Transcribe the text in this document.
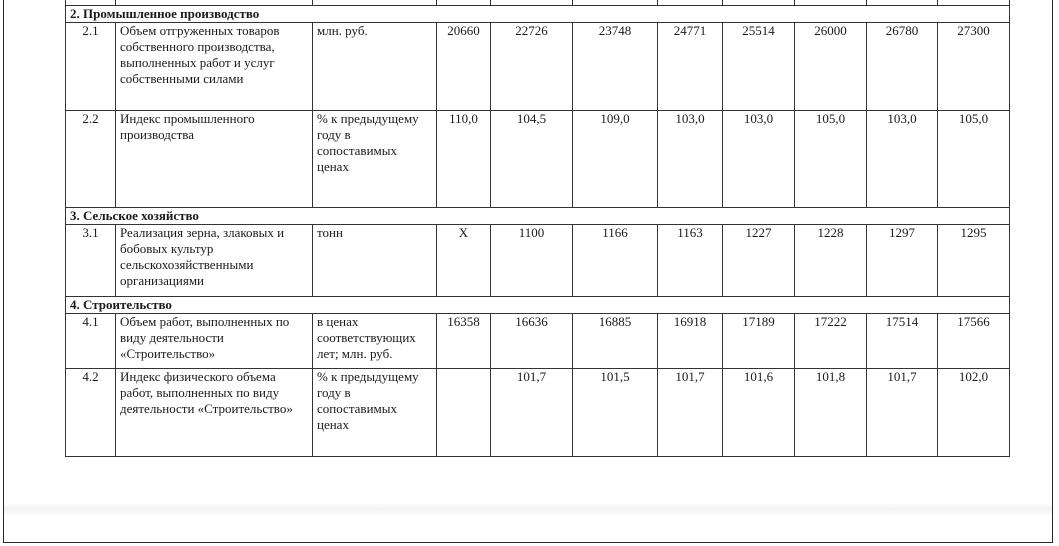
2. Промышленное производство										
2.1	Объем отгруженных товаров собственного производства, выполненных работ и услуг собственными силами	млн. руб.	20660	22726	23748	24771	25514	26000	26780	27300
2.2	Индекс промышленного производства	% к предыдущему году в сопоставимых ценах	110,0	104,5	109,0	103,0	103,0	105,0	103,0	105,0
3. Сельское хозяйство										
3.1	Реализация зерна, злаковых и бобовых культур сельскохозяйственными организациями	тонн	Х	1100	1166	1163	1227	1228	1297	1295
4. Строительство										
4.1	Объем работ, выполненных по виду деятельности «Строительство»	в ценах соответствующих лет; млн. руб.	16358	16636	16885	16918	17189	17222	17514	17566
4.2	Индекс физического объема работ, выполненных по виду деятельности «Строительство»	% к предыдущему году в сопоставимых ценах		101,7	101,5	101,7	101,6	101,8	101,7	102,0
